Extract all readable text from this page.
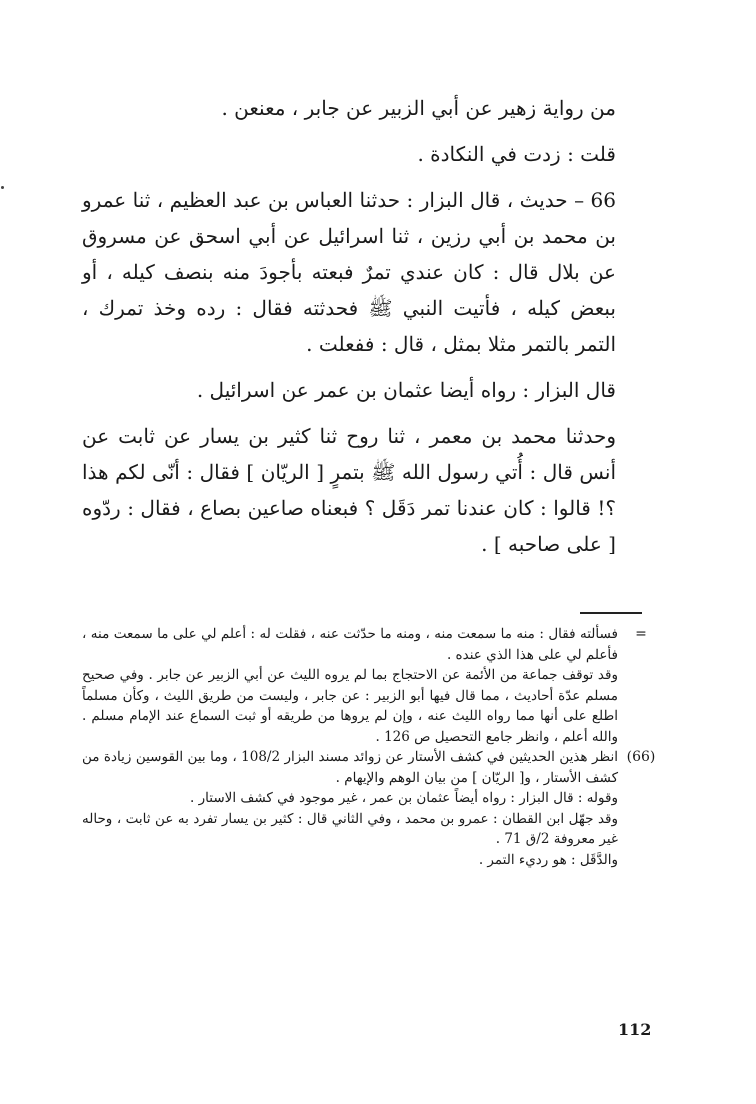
من رواية زهير عن أبي الزبير عن جابر ، معنعن .

قلت : زدت في النكادة .

66 – حديث ، قال البزار : حدثنا العباس بن عبد العظيم ، ثنا عمرو بن محمد بن أبي رزين ، ثنا اسرائيل عن أبي اسحق عن مسروق عن بلال قال : كان عندي تمرٌ فبعته بأجودَ منه بنصف كيله ، أو ببعض كيله ، فأتيت النبي ﷺ فحدثته فقال : رده وخذ تمرك ، التمر بالتمر مثلا بمثل ، قال : ففعلت .

قال البزار : رواه أيضا عثمان بن عمر عن اسرائيل .

وحدثنا محمد بن معمر ، ثنا روح ثنا كثير بن يسار عن ثابت عن أنس قال : أُتي رسول الله ﷺ بتمرٍ [ الريّان ] فقال : أنّى لكم هذا ؟! قالوا : كان عندنا تمر دَقَل ؟ فبعناه صاعين بصاع ، فقال : ردّوه [ على صاحبه ] .

=

فسألته فقال : منه ما سمعت منه ، ومنه ما حدّثت عنه ، فقلت له : أعلم لي على ما سمعت منه ، فأعلم لي على هذا الذي عنده .

وقد توقف جماعة من الأئمة عن الاحتجاج بما لم يروه الليث عن أبي الزبير عن جابر . وفي صحيح مسلم عدّة أحاديث ، مما قال فيها أبو الزبير : عن جابر ، وليست من طريق الليث ، وكأن مسلماً اطلع على أنها مما رواه الليث عنه ، وإن لم يروها من طريقه أو ثبت السماع عند الإمام مسلم . والله أعلم ، وانظر جامع التحصيل ص 126 .

(66)

انظر هذين الحديثين في كشف الأستار عن زوائد مسند البزار 108/2 ، وما بين القوسين زيادة من كشف الأستار ، و[ الريّان ] من بيان الوهم والإيهام .

وقوله : قال البزار : رواه أيضاً عثمان بن عمر ، غير موجود في كشف الاستار .

وقد جهّل ابن القطان : عمرو بن محمد ، وفي الثاني قال : كثير بن يسار تفرد به عن ثابت ، وحاله غير معروفة 2/ق 71 .

والدَّقَل : هو رديء التمر .

112
